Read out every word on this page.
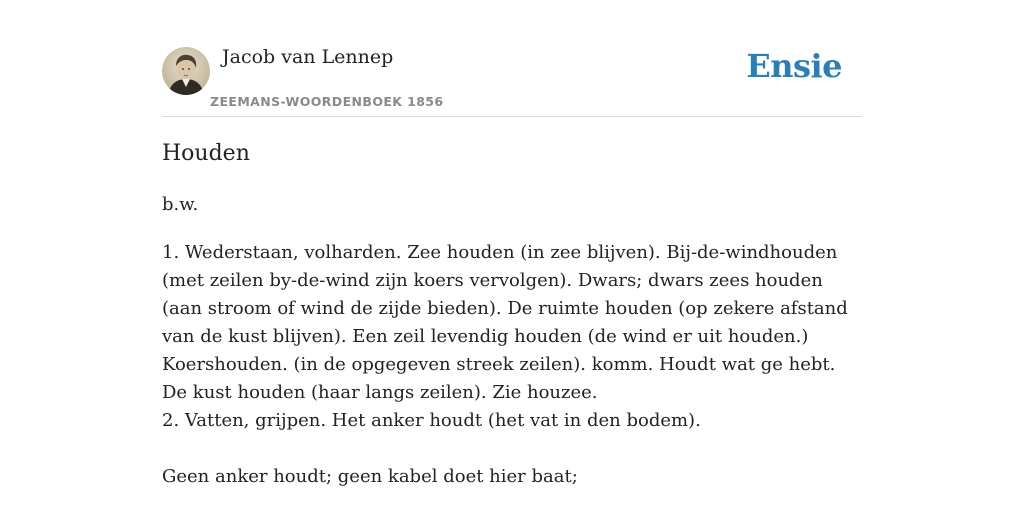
Jacob van Lennep
ZEEMANS-WOORDENBOEK 1856
Ensie
Houden
b.w.

1. Wederstaan, volharden. Zee houden (in zee blijven). Bij-de-windhouden (met zeilen by-de-wind zijn koers vervolgen). Dwars; dwars zees houden (aan stroom of wind de zijde bieden). De ruimte houden (op zekere afstand van de kust blijven). Een zeil levendig houden (de wind er uit houden.) Koershouden. (in de opgegeven streek zeilen). komm. Houdt wat ge hebt. De kust houden (haar langs zeilen). Zie houzee.

2. Vatten, grijpen. Het anker houdt (het vat in den bodem).

Geen anker houdt; geen kabel doet hier baat;
